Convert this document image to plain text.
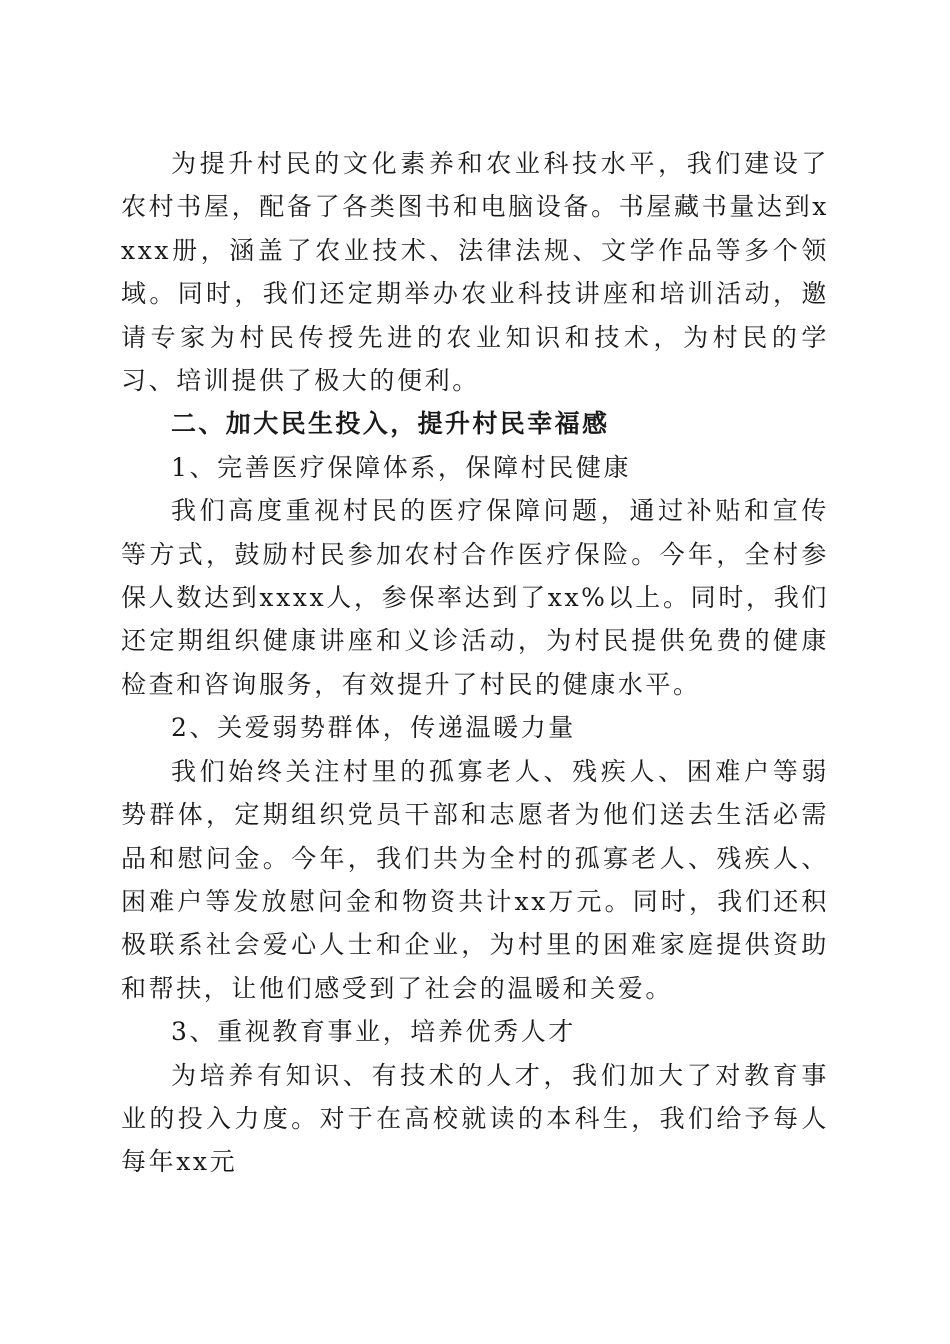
为提升村民的文化素养和农业科技水平，我们建设了农村书屋，配备了各类图书和电脑设备。书屋藏书量达到xxxx册，涵盖了农业技术、法律法规、文学作品等多个领域。同时，我们还定期举办农业科技讲座和培训活动，邀请专家为村民传授先进的农业知识和技术，为村民的学习、培训提供了极大的便利。

二、加大民生投入，提升村民幸福感

1、完善医疗保障体系，保障村民健康

我们高度重视村民的医疗保障问题，通过补贴和宣传等方式，鼓励村民参加农村合作医疗保险。今年，全村参保人数达到xxxx人，参保率达到了xx%以上。同时，我们还定期组织健康讲座和义诊活动，为村民提供免费的健康检查和咨询服务，有效提升了村民的健康水平。

2、关爱弱势群体，传递温暖力量

我们始终关注村里的孤寡老人、残疾人、困难户等弱势群体，定期组织党员干部和志愿者为他们送去生活必需品和慰问金。今年，我们共为全村的孤寡老人、残疾人、困难户等发放慰问金和物资共计xx万元。同时，我们还积极联系社会爱心人士和企业，为村里的困难家庭提供资助和帮扶，让他们感受到了社会的温暖和关爱。

3、重视教育事业，培养优秀人才

为培养有知识、有技术的人才，我们加大了对教育事业的投入力度。对于在高校就读的本科生，我们给予每人每年xx元
